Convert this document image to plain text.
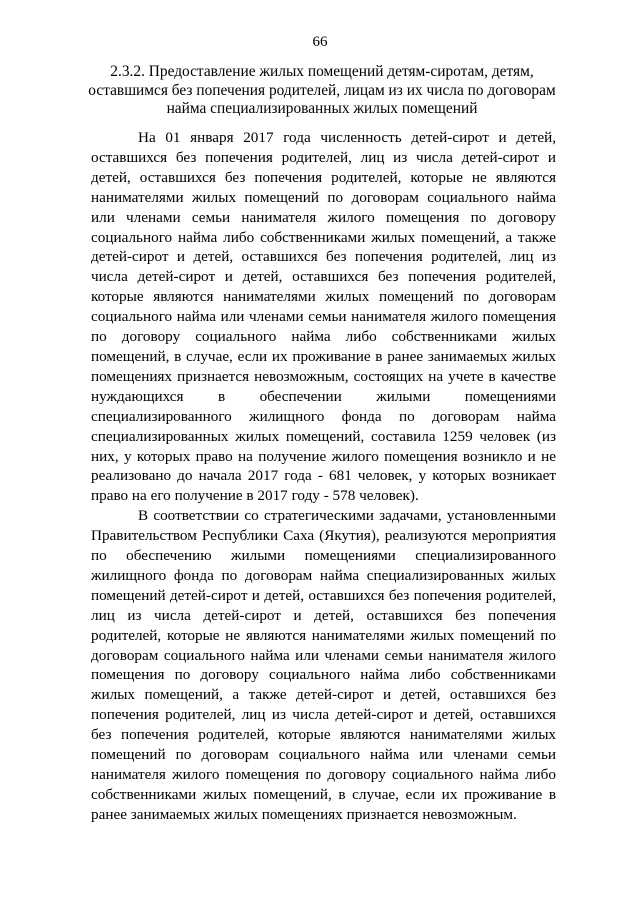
66
2.3.2. Предоставление жилых помещений детям-сиротам, детям, оставшимся без попечения родителей, лицам из их числа по договорам найма специализированных жилых помещений

На 01 января 2017 года численность детей-сирот и детей, оставшихся без попечения родителей, лиц из числа детей-сирот и детей, оставшихся без попечения родителей, которые не являются нанимателями жилых помещений по договорам социального найма или членами семьи нанимателя жилого помещения по договору социального найма либо собственниками жилых помещений, а также детей-сирот и детей, оставшихся без попечения родителей, лиц из числа детей-сирот и детей, оставшихся без попечения родителей, которые являются нанимателями жилых помещений по договорам социального найма или членами семьи нанимателя жилого помещения по договору социального найма либо собственниками жилых помещений, в случае, если их проживание в ранее занимаемых жилых помещениях признается невозможным, состоящих на учете в качестве нуждающихся в обеспечении жилыми помещениями специализированного жилищного фонда по договорам найма специализированных жилых помещений, составила 1259 человек (из них, у которых право на получение жилого помещения возникло и не реализовано до начала 2017 года - 681 человек, у которых возникает право на его получение в 2017 году - 578 человек).

В соответствии со стратегическими задачами, установленными Правительством Республики Саха (Якутия), реализуются мероприятия по обеспечению жилыми помещениями специализированного жилищного фонда по договорам найма специализированных жилых помещений детей-сирот и детей, оставшихся без попечения родителей, лиц из числа детей-сирот и детей, оставшихся без попечения родителей, которые не являются нанимателями жилых помещений по договорам социального найма или членами семьи нанимателя жилого помещения по договору социального найма либо собственниками жилых помещений, а также детей-сирот и детей, оставшихся без попечения родителей, лиц из числа детей-сирот и детей, оставшихся без попечения родителей, которые являются нанимателями жилых помещений по договорам социального найма или членами семьи нанимателя жилого помещения по договору социального найма либо собственниками жилых помещений, в случае, если их проживание в ранее занимаемых жилых помещениях признается невозможным.
